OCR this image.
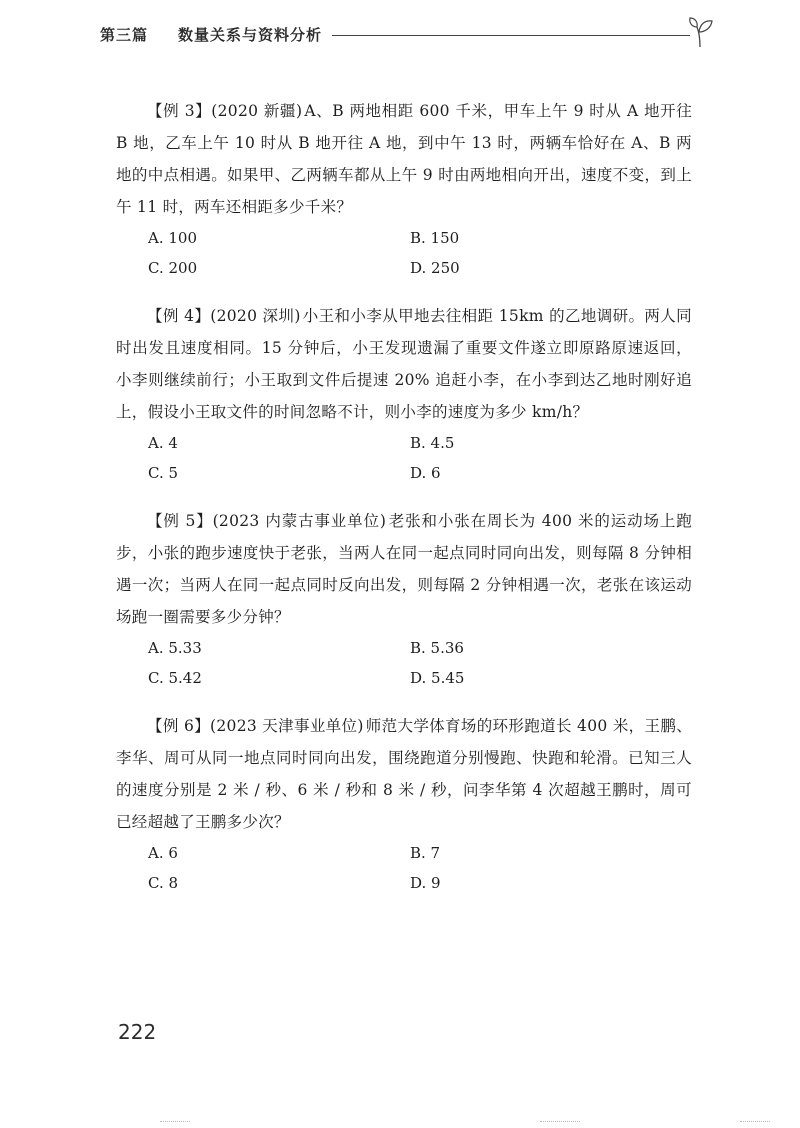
第三篇 数量关系与资料分析

【例 3】(2020 新疆) A、B 两地相距 600 千米，甲车上午 9 时从 A 地开往 B 地，乙车上午 10 时从 B 地开往 A 地，到中午 13 时，两辆车恰好在 A、B 两地的中点相遇。如果甲、乙两辆车都从上午 9 时由两地相向开出，速度不变，到上午 11 时，两车还相距多少千米？

A. 100	B. 150
C. 200	D. 250

【例 4】(2020 深圳) 小王和小李从甲地去往相距 15km 的乙地调研。两人同时出发且速度相同。15 分钟后，小王发现遗漏了重要文件遂立即原路原速返回，小李则继续前行；小王取到文件后提速 20% 追赶小李，在小李到达乙地时刚好追上，假设小王取文件的时间忽略不计，则小李的速度为多少 km/h？

A. 4	B. 4.5
C. 5	D. 6

【例 5】(2023 内蒙古事业单位) 老张和小张在周长为 400 米的运动场上跑步，小张的跑步速度快于老张，当两人在同一起点同时同向出发，则每隔 8 分钟相遇一次；当两人在同一起点同时反向出发，则每隔 2 分钟相遇一次，老张在该运动场跑一圈需要多少分钟？

A. 5.33	B. 5.36
C. 5.42	D. 5.45

【例 6】(2023 天津事业单位) 师范大学体育场的环形跑道长 400 米，王鹏、李华、周可从同一地点同时同向出发，围绕跑道分别慢跑、快跑和轮滑。已知三人的速度分别是 2 米 / 秒、6 米 / 秒和 8 米 / 秒，问李华第 4 次超越王鹏时，周可已经超越了王鹏多少次？

A. 6	B. 7
C. 8	D. 9
222
